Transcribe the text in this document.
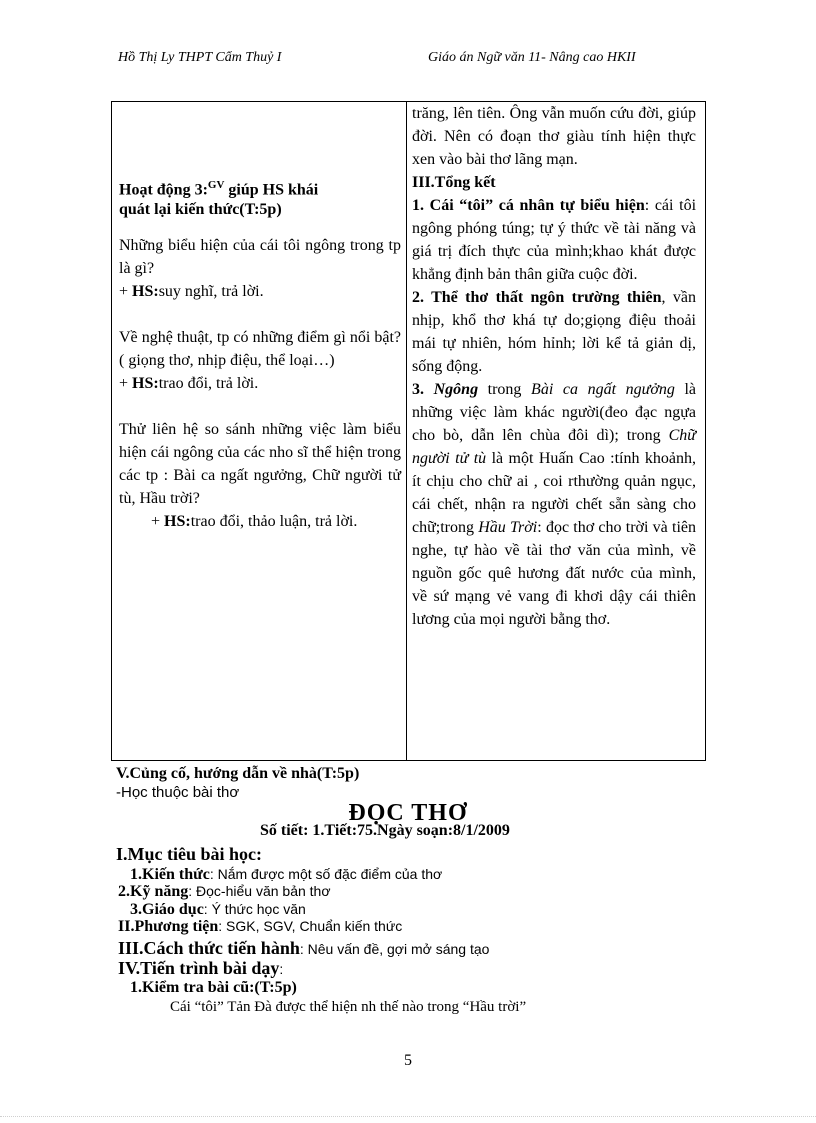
Hồ Thị Ly THPT Cẩm Thuỷ I	Giáo án Ngữ văn 11- Nâng cao HKII

Hoạt động 3:$^{GV}$ giúp HS khái
quát lại kiến thức(T:5p)

Những biểu hiện của cái tôi ngông trong tp là gì?

+ HS:suy nghĩ, trả lời.

Về nghệ thuật, tp có những điểm gì nổi bật?( giọng thơ, nhịp điệu, thể loại…)

+ HS:trao đổi, trả lời.

Thử liên hệ so sánh những việc làm biểu hiện cái ngông của các nho sĩ thể hiện trong các tp : Bài ca ngất ngưởng, Chữ người tử tù, Hầu trời?

+ HS:trao đổi, thảo luận, trả lời.

trăng, lên tiên. Ông vẫn muốn cứu đời, giúp đời. Nên có đoạn thơ giàu tính hiện thực xen vào bài thơ lãng mạn.

III.Tổng kết

1. Cái “tôi” cá nhân tự biểu hiện: cái tôi ngông phóng túng; tự ý thức về tài năng và giá trị đích thực của mình;khao khát được khẳng định bản thân giữa cuộc đời.

2. Thể thơ thất ngôn trường thiên, vần nhịp, khổ thơ khá tự do;giọng điệu thoải mái tự nhiên, hóm hỉnh; lời kể tả giản dị, sống động.

3. Ngông trong Bài ca ngất ngưởng là những việc làm khác người(đeo đạc ngựa cho bò, dẫn lên chùa đôi dì); trong Chữ người tử tù là một Huấn Cao :tính khoảnh, ít chịu cho chữ ai , coi rthường quản ngục, cái chết, nhận ra người chết sẵn sàng cho chữ;trong Hầu Trời: đọc thơ cho trời và tiên nghe, tự hào về tài thơ văn của mình, về nguồn gốc quê hương đất nước của mình, về sứ mạng vẻ vang đi khơi dậy cái thiên lương của mọi người bằng thơ.

V.Củng cố, hướng dẫn về nhà(T:5p)
-Học thuộc bài thơ
ĐỌC THƠ
Số tiết: 1.Tiết:75.Ngày soạn:8/1/2009
I.Mục tiêu bài học:
1.Kiến thức: Nắm được một số đặc điểm của thơ
2.Kỹ năng: Đọc-hiểu văn bản thơ
3.Giáo dục: Ý thức học văn
II.Phương tiện: SGK, SGV, Chuẩn kiến thức
III.Cách thức tiến hành: Nêu vấn đề, gợi mở sáng tạo
IV.Tiến trình bài dạy:
1.Kiểm tra bài cũ:(T:5p)
Cái “tôi” Tản Đà được thể hiện nh thế nào trong “Hầu trời”
5
